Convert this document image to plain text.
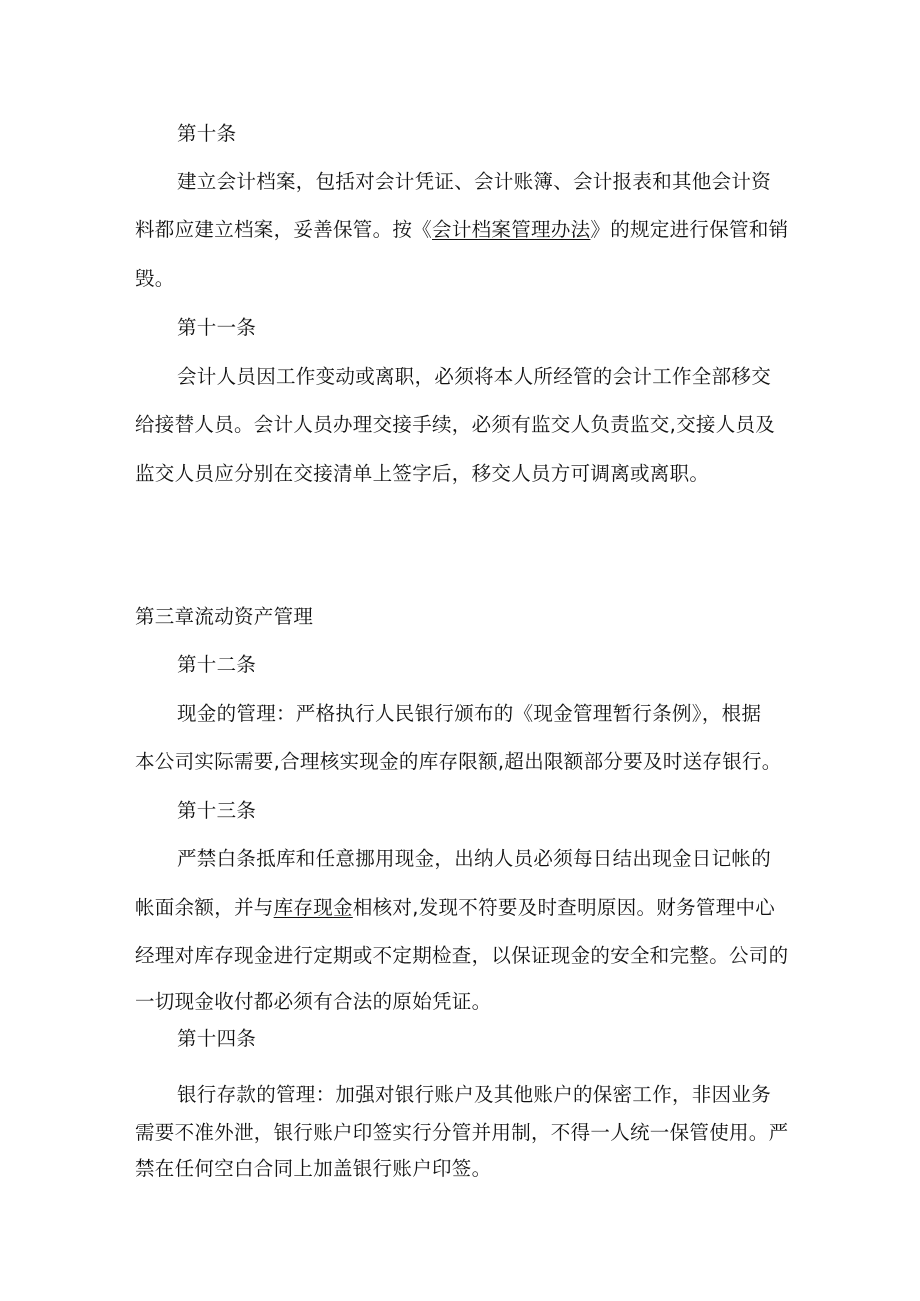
第十条
建立会计档案，包括对会计凭证、会计账簿、会计报表和其他会计资
料都应建立档案，妥善保管。按《会计档案管理办法》的规定进行保管和销
毁。
第十一条
会计人员因工作变动或离职，必须将本人所经管的会计工作全部移交
给接替人员。会计人员办理交接手续，必须有监交人负责监交,交接人员及
监交人员应分别在交接清单上签字后，移交人员方可调离或离职。
第三章流动资产管理
第十二条
现金的管理：严格执行人民银行颁布的《现金管理暂行条例》，根据
本公司实际需要,合理核实现金的库存限额,超出限额部分要及时送存银行。
第十三条
严禁白条抵库和任意挪用现金，出纳人员必须每日结出现金日记帐的
帐面余额，并与库存现金相核对,发现不符要及时查明原因。财务管理中心
经理对库存现金进行定期或不定期检查，以保证现金的安全和完整。公司的
一切现金收付都必须有合法的原始凭证。
第十四条
银行存款的管理：加强对银行账户及其他账户的保密工作，非因业务
需要不准外泄，银行账户印签实行分管并用制，不得一人统一保管使用。严
禁在任何空白合同上加盖银行账户印签。
